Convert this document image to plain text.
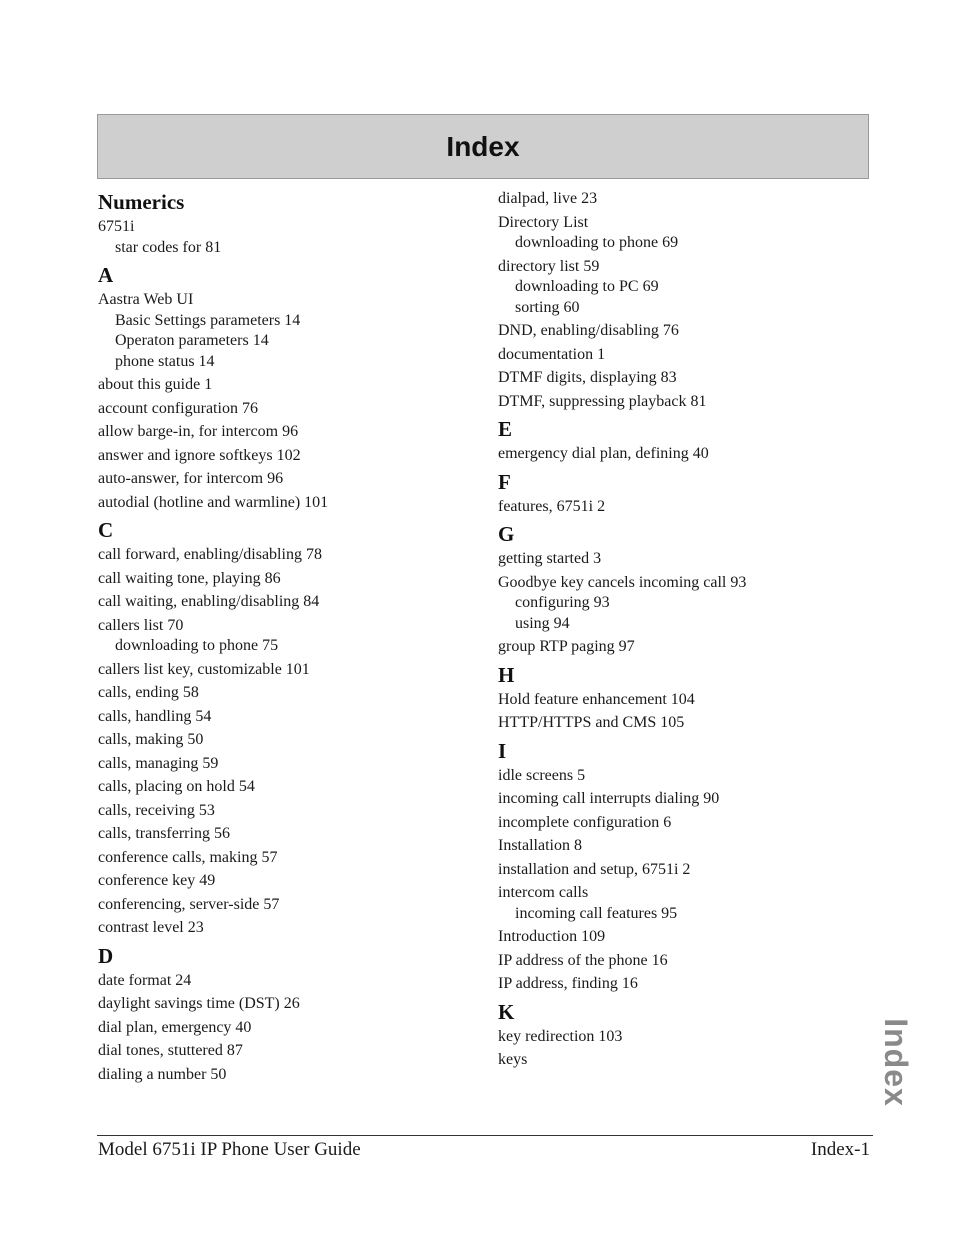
Index
Numerics
6751i
star codes for 81
A
Aastra Web UI
Basic Settings parameters 14
Operaton parameters 14
phone status 14
about this guide 1
account configuration 76
allow barge-in, for intercom 96
answer and ignore softkeys 102
auto-answer, for intercom 96
autodial (hotline and warmline) 101
C
call forward, enabling/disabling 78
call waiting tone, playing 86
call waiting, enabling/disabling 84
callers list 70
downloading to phone 75
callers list key, customizable 101
calls, ending 58
calls, handling 54
calls, making 50
calls, managing 59
calls, placing on hold 54
calls, receiving 53
calls, transferring 56
conference calls, making 57
conference key 49
conferencing, server-side 57
contrast level 23
D
date format 24
daylight savings time (DST) 26
dial plan, emergency 40
dial tones, stuttered 87
dialing a number 50
dialpad, live 23
Directory List
downloading to phone 69
directory list 59
downloading to PC 69
sorting 60
DND, enabling/disabling 76
documentation 1
DTMF digits, displaying 83
DTMF, suppressing playback 81
E
emergency dial plan, defining 40
F
features, 6751i 2
G
getting started 3
Goodbye key cancels incoming call 93
configuring 93
using 94
group RTP paging 97
H
Hold feature enhancement 104
HTTP/HTTPS and CMS 105
I
idle screens 5
incoming call interrupts dialing 90
incomplete configuration 6
Installation 8
installation and setup, 6751i 2
intercom calls
incoming call features 95
Introduction 109
IP address of the phone 16
IP address, finding 16
K
key redirection 103
keys
Model 6751i IP Phone User Guide	Index-1
Index
